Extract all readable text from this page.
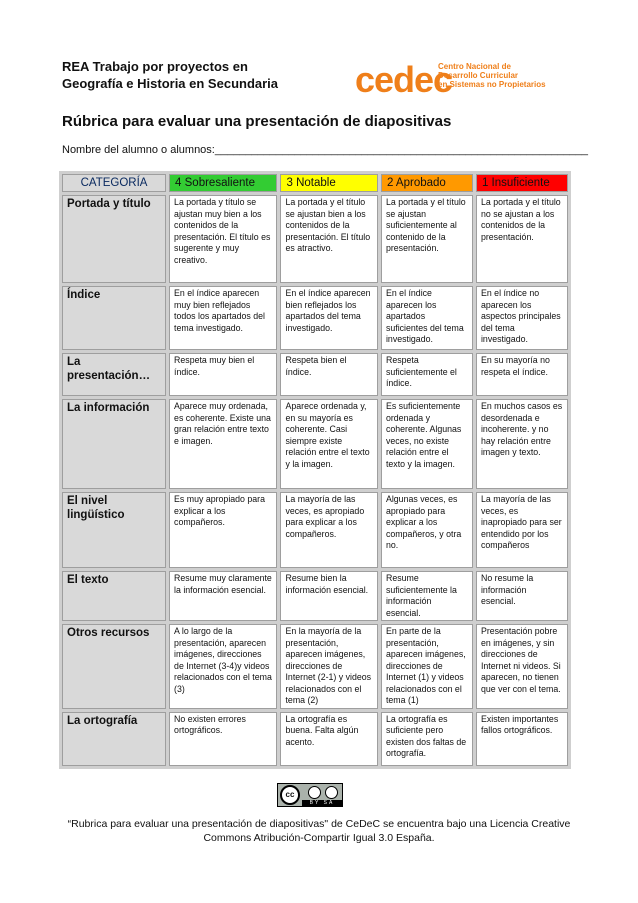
REA Trabajo por proyectos en
Geografía e Historia en Secundaria	cedec
Centro Nacional de
Desarrollo Curricular
en Sistemas no Propietarios
Rúbrica para evaluar una presentación de diapositivas
Nombre del alumno o alumnos:_____________________________________________________________
CATEGORÍA	4 Sobresaliente	3 Notable	2 Aprobado	1 Insuficiente
Portada y título	La portada y título se ajustan muy bien a los contenidos de la presentación. El título es sugerente y muy creativo.	La portada y el título se ajustan bien a los contenidos de la presentación. El título es atractivo.	La portada y el título se ajustan suficientemente al contenido de la presentación.	La portada y el título no se ajustan a los contenidos de la presentación.
Índice	En el índice aparecen muy bien reflejados todos los apartados del tema investigado.	En el índice aparecen bien reflejados los apartados del tema investigado.	En el índice aparecen los apartados suficientes del tema investigado.	En el índice no aparecen los aspectos principales del tema investigado.
La presentación…	Respeta muy bien el índice.	Respeta bien el índice.	Respeta suficientemente el índice.	En su mayoría no respeta el índice.
La información	Aparece muy ordenada, es coherente. Existe una gran relación entre texto e imagen.	Aparece ordenada y, en su mayoría es coherente. Casi siempre existe relación entre el texto y la imagen.	Es suficientemente ordenada y coherente. Algunas veces, no existe relación entre el texto y la imagen.	En muchos casos es desordenada e incoherente. y no hay relación entre imagen y texto.
El nivel lingüístico	Es muy apropiado para explicar a los compañeros.	La mayoría de las veces, es apropiado para explicar a los compañeros.	Algunas veces, es apropiado para explicar a los compañeros, y otra no.	La mayoría de las veces, es inapropiado para ser entendido por los compañeros
El texto	Resume muy claramente la información esencial.	Resume bien la información esencial.	Resume suficientemente la información esencial.	No resume la información esencial.
Otros recursos	A lo largo de la presentación, aparecen imágenes, direcciones de Internet (3-4)y videos relacionados con el tema (3)	En la mayoría de la presentación, aparecen imágenes, direcciones de Internet (2-1) y videos relacionados con el tema (2)	En parte de la presentación, aparecen imágenes, direcciones de Internet (1) y videos relacionados con el tema (1)	Presentación pobre en imágenes, y sin direcciones de Internet ni videos. Si aparecen, no tienen que ver con el tema.
La ortografía	No existen errores ortográficos.	La ortografía es buena. Falta algún acento.	La ortografía es suficiente pero existen dos faltas de ortografía.	Existen importantes fallos ortográficos.
cc
BY SA
“Rubrica para evaluar una presentación de diapositivas" de CeDeC se encuentra bajo una Licencia Creative Commons Atribución-Compartir Igual 3.0 España.
